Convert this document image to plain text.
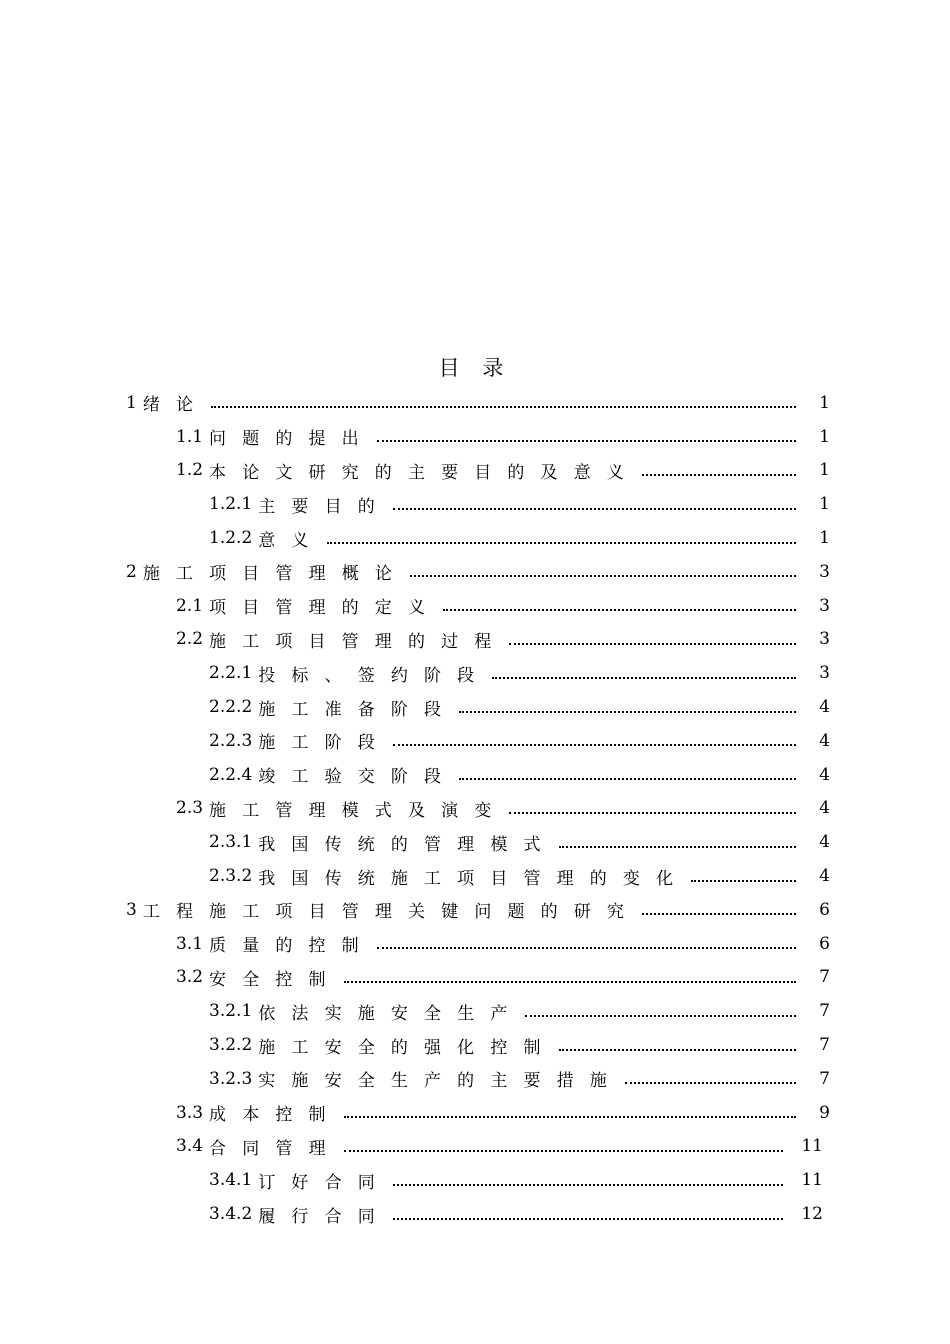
目 录
1 绪论	1
1.1 问题的提出	1
1.2 本论文研究的主要目的及意义	1
1.2.1 主要目的	1
1.2.2 意义	1
2 施工项目管理概论	3
2.1 项目管理的定义	3
2.2 施工项目管理的过程	3
2.2.1 投标、签约阶段	3
2.2.2 施工准备阶段	4
2.2.3 施工阶段	4
2.2.4 竣工验交阶段	4
2.3 施工管理模式及演变	4
2.3.1 我国传统的管理模式	4
2.3.2 我国传统施工项目管理的变化	4
3 工程施工项目管理关键问题的研究	6
3.1 质量的控制	6
3.2 安全控制	7
3.2.1 依法实施安全生产	7
3.2.2 施工安全的强化控制	7
3.2.3 实施安全生产的主要措施	7
3.3 成本控制	9
3.4 合同管理	11
3.4.1 订好合同	11
3.4.2 履行合同	12
